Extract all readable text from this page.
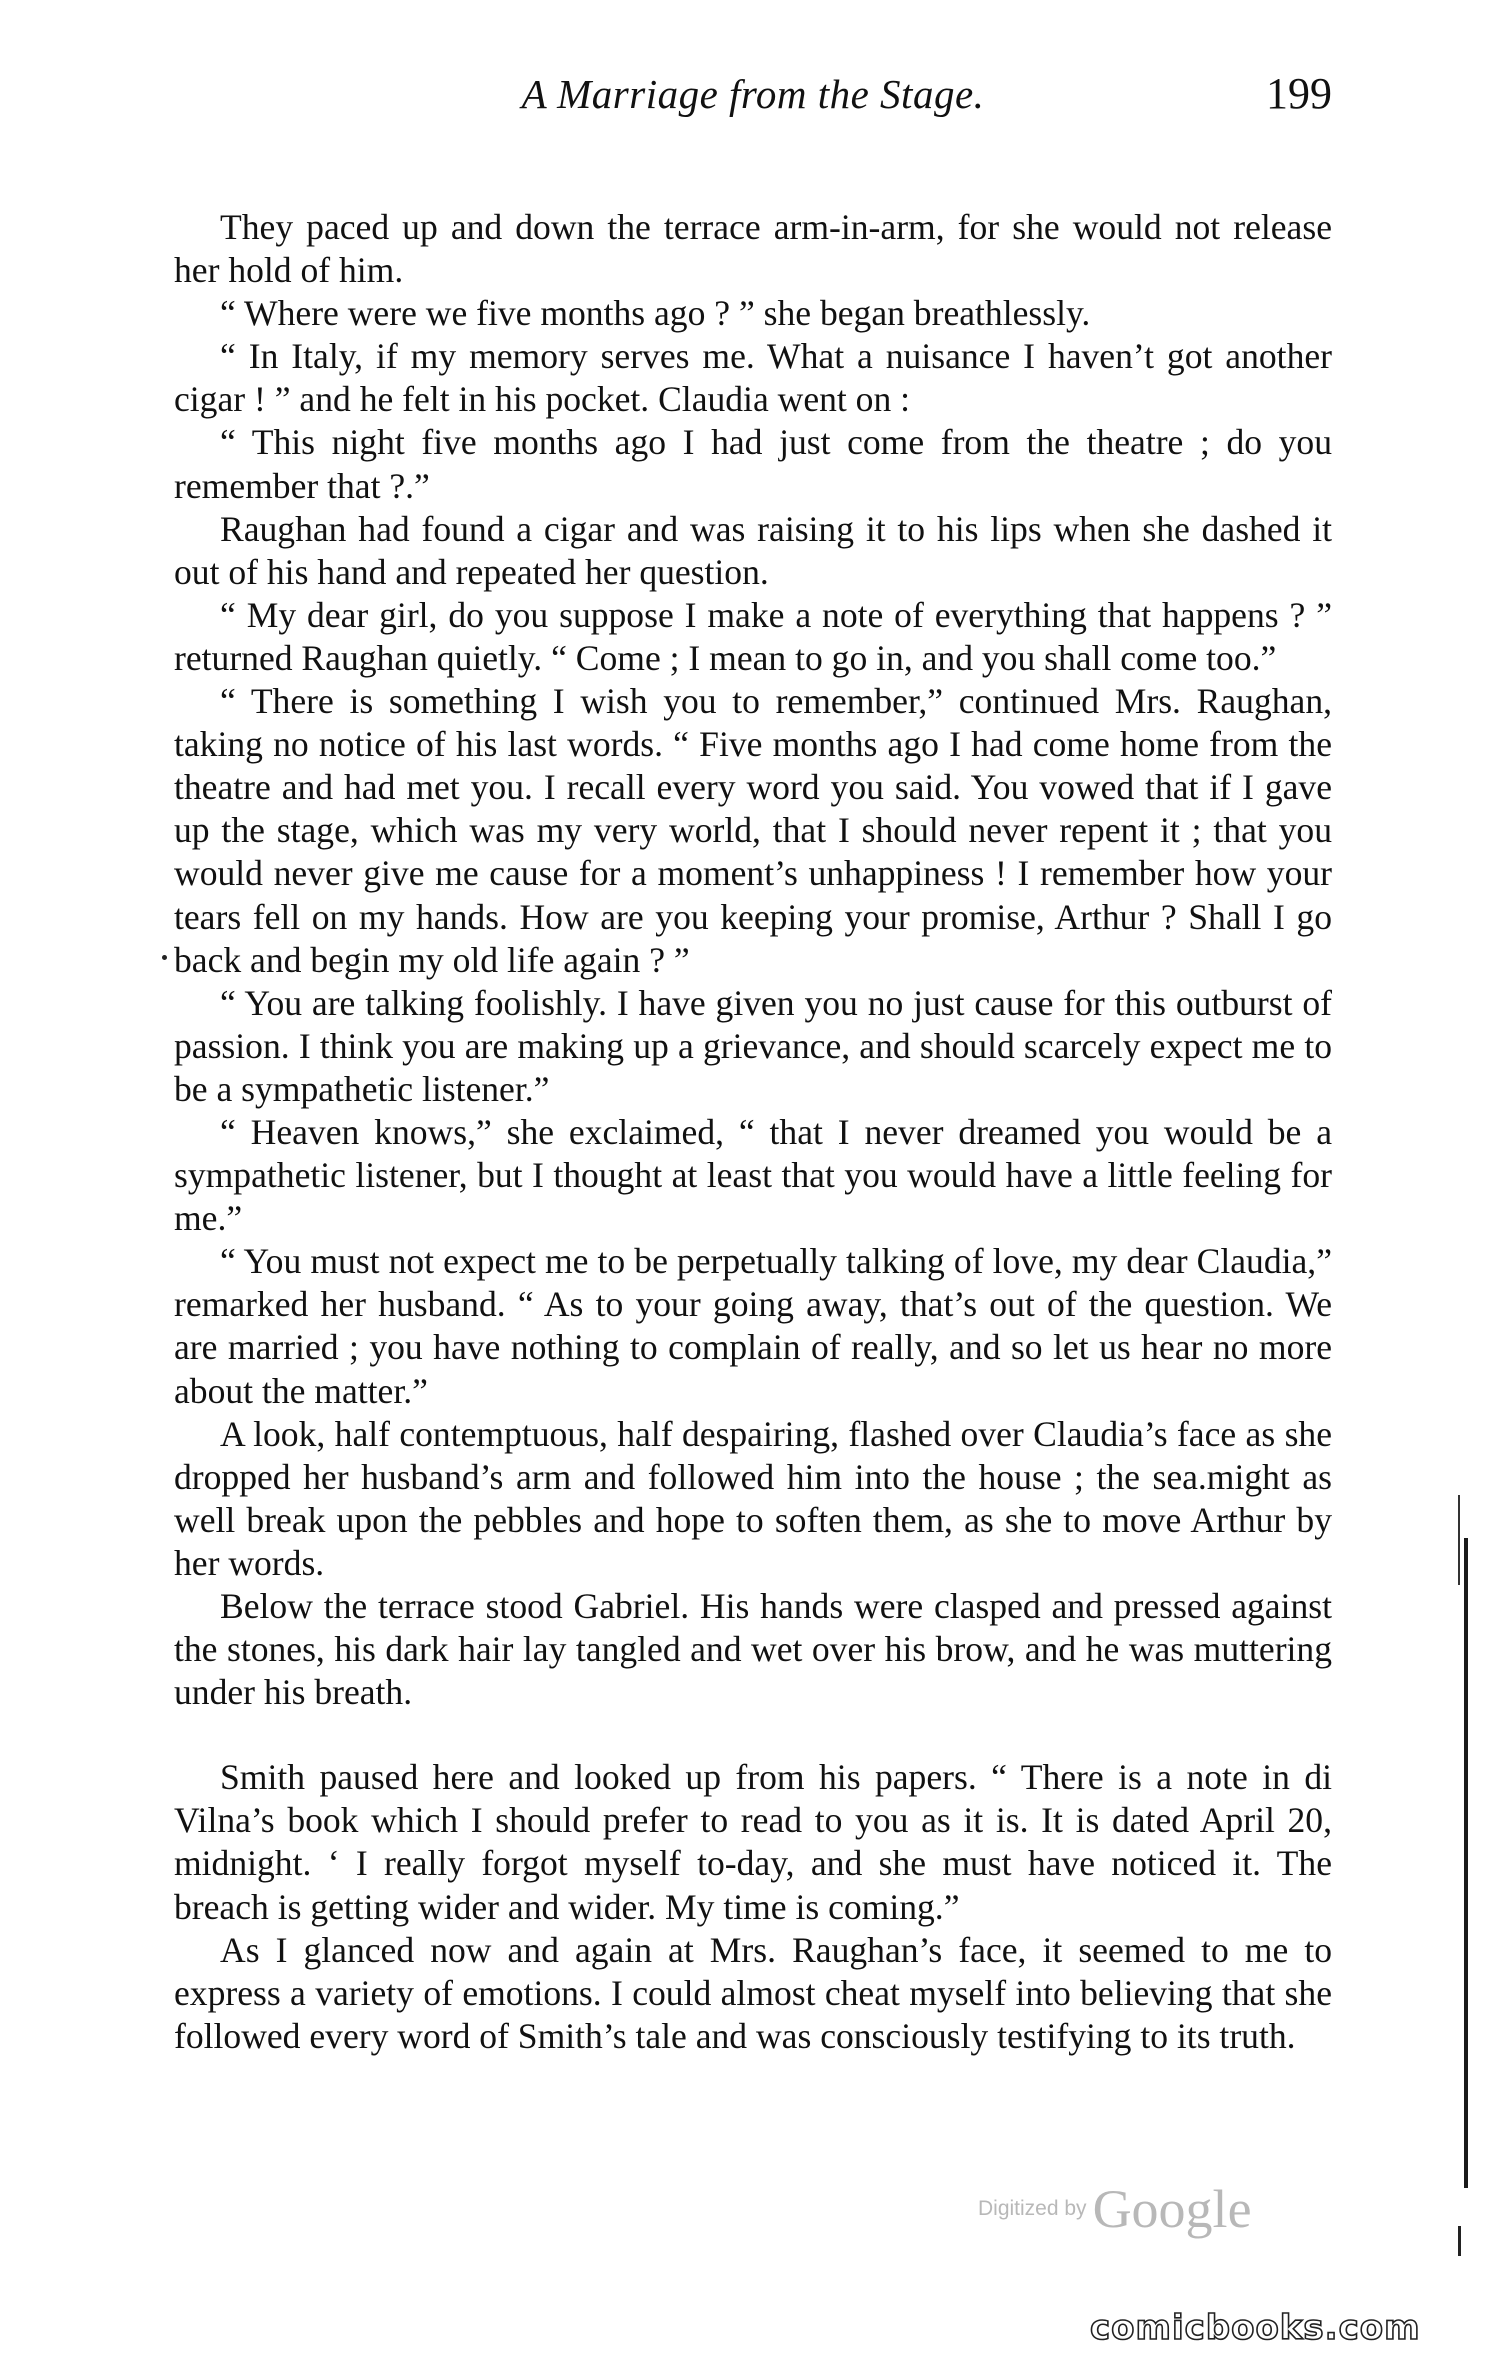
A Marriage from the Stage.	199

They paced up and down the terrace arm-in-arm, for she would not release her hold of him.

“ Where were we five months ago ? ” she began breathlessly.

“ In Italy, if my memory serves me. What a nuisance I haven’t got another cigar ! ” and he felt in his pocket. Claudia went on :

“ This night five months ago I had just come from the theatre ; do you remember that ?.”

Raughan had found a cigar and was raising it to his lips when she dashed it out of his hand and repeated her question.

“ My dear girl, do you suppose I make a note of everything that happens ? ” returned Raughan quietly. “ Come ; I mean to go in, and you shall come too.”

“ There is something I wish you to remember,” continued Mrs. Raughan, taking no notice of his last words. “ Five months ago I had come home from the theatre and had met you. I recall every word you said. You vowed that if I gave up the stage, which was my very world, that I should never repent it ; that you would never give me cause for a moment’s unhappiness ! I remember how your tears fell on my hands. How are you keeping your promise, Arthur ? Shall I go back and begin my old life again ? ”

“ You are talking foolishly. I have given you no just cause for this outburst of passion. I think you are making up a grievance, and should scarcely expect me to be a sympathetic listener.”

“ Heaven knows,” she exclaimed, “ that I never dreamed you would be a sympathetic listener, but I thought at least that you would have a little feeling for me.”

“ You must not expect me to be perpetually talking of love, my dear Claudia,” remarked her husband. “ As to your going away, that’s out of the question. We are married ; you have nothing to complain of really, and so let us hear no more about the matter.”

A look, half contemptuous, half despairing, flashed over Claudia’s face as she dropped her husband’s arm and followed him into the house ; the sea.might as well break upon the pebbles and hope to soften them, as she to move Arthur by her words.

Below the terrace stood Gabriel. His hands were clasped and pressed against the stones, his dark hair lay tangled and wet over his brow, and he was muttering under his breath.

Smith paused here and looked up from his papers. “ There is a note in di Vilna’s book which I should prefer to read to you as it is. It is dated April 20, midnight. ‘ I really forgot myself to-day, and she must have noticed it. The breach is getting wider and wider. My time is coming.”

As I glanced now and again at Mrs. Raughan’s face, it seemed to me to express a variety of emotions. I could almost cheat myself into believing that she followed every word of Smith’s tale and was consciously testifying to its truth.

Digitized by Google
comicbooks.com
